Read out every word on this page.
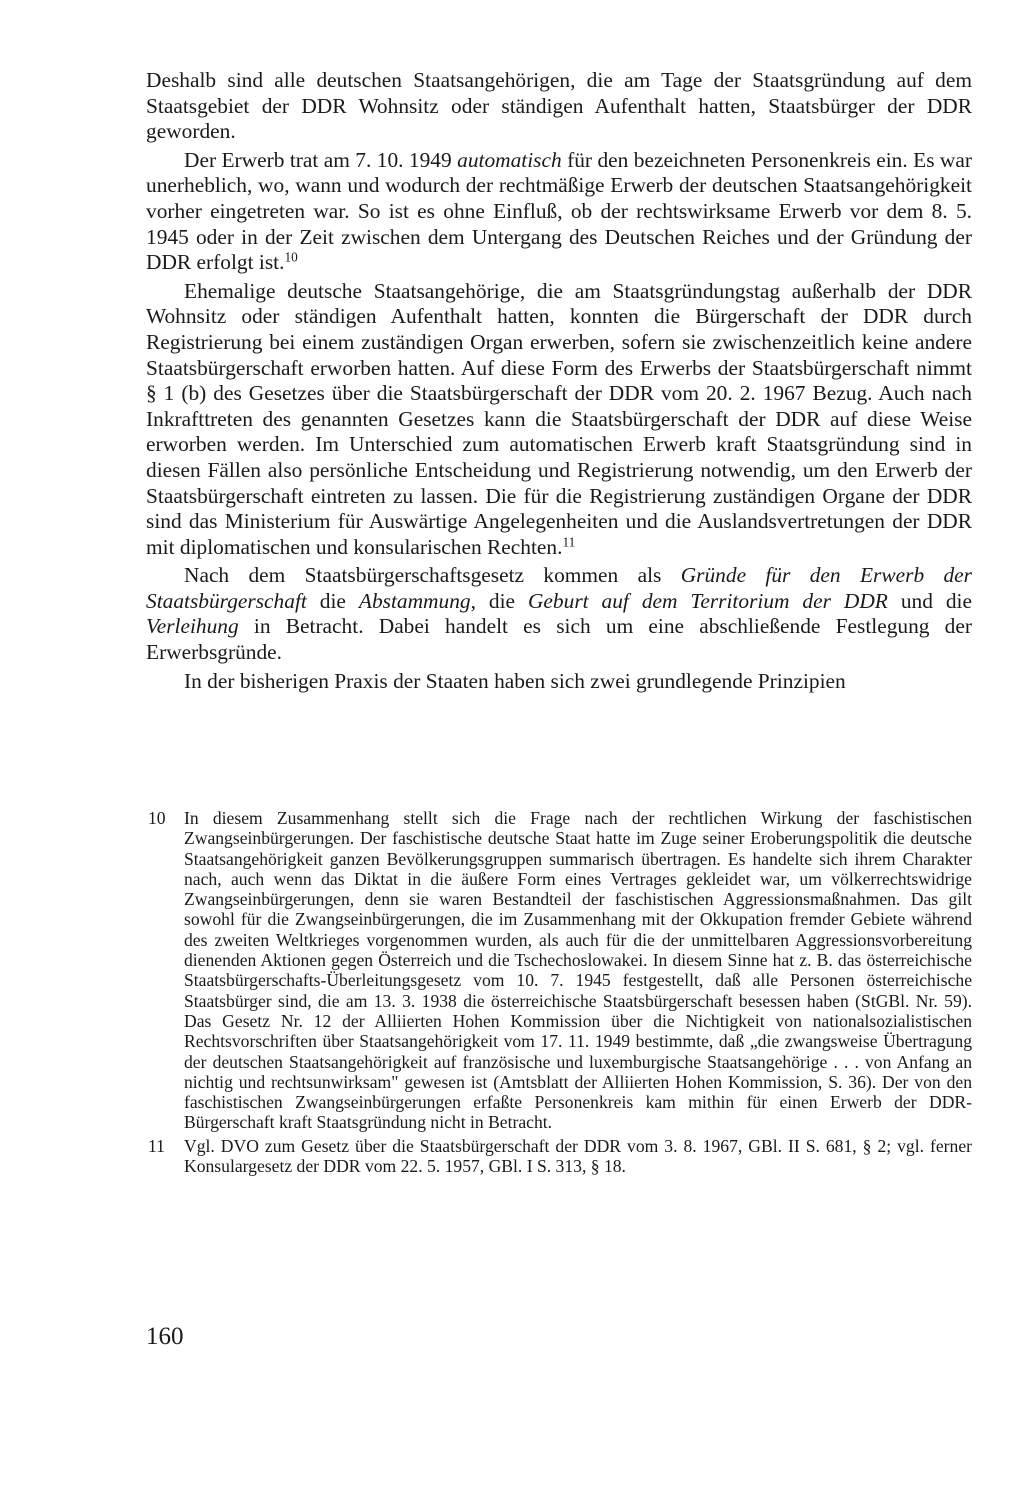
Deshalb sind alle deutschen Staatsangehörigen, die am Tage der Staatsgründung auf dem Staatsgebiet der DDR Wohnsitz oder ständigen Aufenthalt hatten, Staatsbürger der DDR geworden.

Der Erwerb trat am 7. 10. 1949 automatisch für den bezeichneten Personenkreis ein. Es war unerheblich, wo, wann und wodurch der rechtmäßige Erwerb der deutschen Staatsangehörigkeit vorher eingetreten war. So ist es ohne Einfluß, ob der rechtswirksame Erwerb vor dem 8. 5. 1945 oder in der Zeit zwischen dem Untergang des Deutschen Reiches und der Gründung der DDR erfolgt ist.$^{10}$

Ehemalige deutsche Staatsangehörige, die am Staatsgründungstag außerhalb der DDR Wohnsitz oder ständigen Aufenthalt hatten, konnten die Bürgerschaft der DDR durch Registrierung bei einem zuständigen Organ erwerben, sofern sie zwischenzeitlich keine andere Staatsbürgerschaft erworben hatten. Auf diese Form des Erwerbs der Staatsbürgerschaft nimmt § 1 (b) des Gesetzes über die Staatsbürgerschaft der DDR vom 20. 2. 1967 Bezug. Auch nach Inkrafttreten des genannten Gesetzes kann die Staatsbürgerschaft der DDR auf diese Weise erworben werden. Im Unterschied zum automatischen Erwerb kraft Staatsgründung sind in diesen Fällen also persönliche Entscheidung und Registrierung notwendig, um den Erwerb der Staatsbürgerschaft eintreten zu lassen. Die für die Registrierung zuständigen Organe der DDR sind das Ministerium für Auswärtige Angelegenheiten und die Auslandsvertretungen der DDR mit diplomatischen und konsularischen Rechten.$^{11}$

Nach dem Staatsbürgerschaftsgesetz kommen als Gründe für den Erwerb der Staatsbürgerschaft die Abstammung, die Geburt auf dem Territorium der DDR und die Verleihung in Betracht. Dabei handelt es sich um eine abschließende Festlegung der Erwerbsgründe.

In der bisherigen Praxis der Staaten haben sich zwei grundlegende Prinzipien

10 In diesem Zusammenhang stellt sich die Frage nach der rechtlichen Wirkung der faschistischen Zwangseinbürgerungen. Der faschistische deutsche Staat hatte im Zuge seiner Eroberungspolitik die deutsche Staatsangehörigkeit ganzen Bevölkerungsgruppen summarisch übertragen. Es handelte sich ihrem Charakter nach, auch wenn das Diktat in die äußere Form eines Vertrages gekleidet war, um völkerrechtswidrige Zwangseinbürgerungen, denn sie waren Bestandteil der faschistischen Aggressionsmaßnahmen. Das gilt sowohl für die Zwangseinbürgerungen, die im Zusammenhang mit der Okkupation fremder Gebiete während des zweiten Weltkrieges vorgenommen wurden, als auch für die der unmittelbaren Aggressionsvorbereitung dienenden Aktionen gegen Österreich und die Tschechoslowakei. In diesem Sinne hat z. B. das österreichische Staatsbürgerschafts-Überleitungsgesetz vom 10. 7. 1945 festgestellt, daß alle Personen österreichische Staatsbürger sind, die am 13. 3. 1938 die österreichische Staatsbürgerschaft besessen haben (StGBl. Nr. 59). Das Gesetz Nr. 12 der Alliierten Hohen Kommission über die Nichtigkeit von nationalsozialistischen Rechtsvorschriften über Staatsangehörigkeit vom 17. 11. 1949 bestimmte, daß „die zwangsweise Übertragung der deutschen Staatsangehörigkeit auf französische und luxemburgische Staatsangehörige . . . von Anfang an nichtig und rechtsunwirksam" gewesen ist (Amtsblatt der Alliierten Hohen Kommission, S. 36). Der von den faschistischen Zwangseinbürgerungen erfaßte Personenkreis kam mithin für einen Erwerb der DDR-Bürgerschaft kraft Staatsgründung nicht in Betracht.
11 Vgl. DVO zum Gesetz über die Staatsbürgerschaft der DDR vom 3. 8. 1967, GBl. II S. 681, § 2; vgl. ferner Konsulargesetz der DDR vom 22. 5. 1957, GBl. I S. 313, § 18.
160
